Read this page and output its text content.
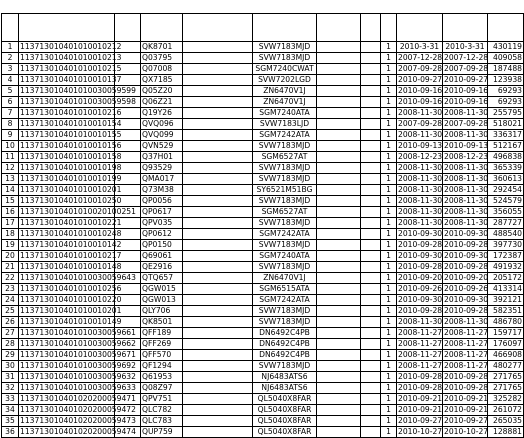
1	113713010401010010212		QK8701		SVW7183MJD			1	2010-3-31	2010-3-31	430119
2	113713010401010010213		Q03795		SVW7183MJD			1	2007-12-28	2007-12-28	409058
3	113713010401010010215		Q07008		SGM7240CWAT			1	2007-09-28	2007-09-28	187488
4	113713010401010010137		QX7185		SVW7202LGD			1	2010-09-27	2010-09-27	123938
5	113713010401010030059599		Q05Z20		ZN6470V1J			1	2010-09-16	2010-09-16	69293
6	113713010401010030059598		Q06Z21		ZN6470V1J			1	2010-09-16	2010-09-16	69293
7	113713010401010010216		Q19Y26		SGM7240ATA			1	2008-11-30	2008-11-30	255795
8	113713010401010010154		QVQ096		SVW7183LJD			1	2007-09-28	2007-09-28	518021
9	113713010401010010155		QVQ099		SGM7242ATA			1	2008-11-30	2008-11-30	336317
10	113713010401010010156		QVN529		SVW7183MJD			1	2010-09-13	2010-09-13	512167
11	113713010401010010158		Q37H01		SGM6527AT			1	2008-12-23	2008-12-23	496838
12	113713010401010010198		Q93529		SVW7183MJD			1	2008-11-30	2008-11-30	365339
13	113713010401010010199		QMA017		SVW7183MJD			1	2008-11-30	2008-11-30	360613
14	113713010401010010201		Q73M38		SY6521M51BG			1	2008-11-30	2008-11-30	292454
15	113713010401010010250		QP0056		SVW7183MJD			1	2008-11-30	2008-11-30	524579
16	113713010401010020100251		QP0617		SGM6527AT			1	2008-11-30	2008-11-30	356055
17	113713010401010010221		QPV035		SVW7183MJD			1	2008-11-30	2008-11-30	287727
18	113713010401010010248		QP0612		SGM7242ATA			1	2010-09-30	2010-09-30	488540
19	113713010401010010142		QP0150		SVW7183MJD			1	2010-09-28	2010-09-28	397730
20	113713010401010010217		Q69061		SGM7240ATA			1	2010-09-30	2010-09-30	172387
21	113713010401010010148		QE2916		SVW7183MJD			1	2010-09-28	2010-09-28	491932
22	113713010401010030059643		QTQ657		ZN6470V1J			1	2010-09-20	2010-09-20	205172
23	113713010401010010256		QGW015		SGM6515ATA			1	2010-09-26	2010-09-26	413314
24	113713010401010010220		QGW013		SGM7242ATA			1	2010-09-30	2010-09-30	392121
25	113713010401010010201		QLY706		SVW7183MJD			1	2010-09-28	2010-09-28	582351
26	113713010401010010149		QK8501		SVW7183MJD			1	2008-11-30	2008-11-30	486780
27	113713010401010030059661		QFF189		DN6492C4PB			1	2008-11-27	2008-11-27	159717
28	113713010401010030059662		QFF269		DN6492C4PB			1	2008-11-27	2008-11-27	176097
29	113713010401010030059671		QFF570		DN6492C4PB			1	2008-11-27	2008-11-27	466908
30	113713010401010030059692		QF1294		SVW7183MJD			1	2008-11-27	2008-11-27	480277
31	113713010401010030059632		Q61953		NJ6483ATS6			1	2010-09-28	2010-09-28	271765
32	113713010401010030059633		Q08Z97		NJ6483ATS6			1	2010-09-28	2010-09-28	271765
33	113713010401020200059471		QPV751		QL5040X8FAR			1	2010-09-21	2010-09-21	325282
34	113713010401020200059472		QLC782		QL5040X8FAR			1	2010-09-21	2010-09-21	261072
35	113713010401020200059473		QLC783		QL5040X8FAR			1	2010-09-27	2010-09-27	265035
36	113713010401020200059474		QUP759		QL5040X8FAR			1	2010-10-27	2010-10-27	128881
